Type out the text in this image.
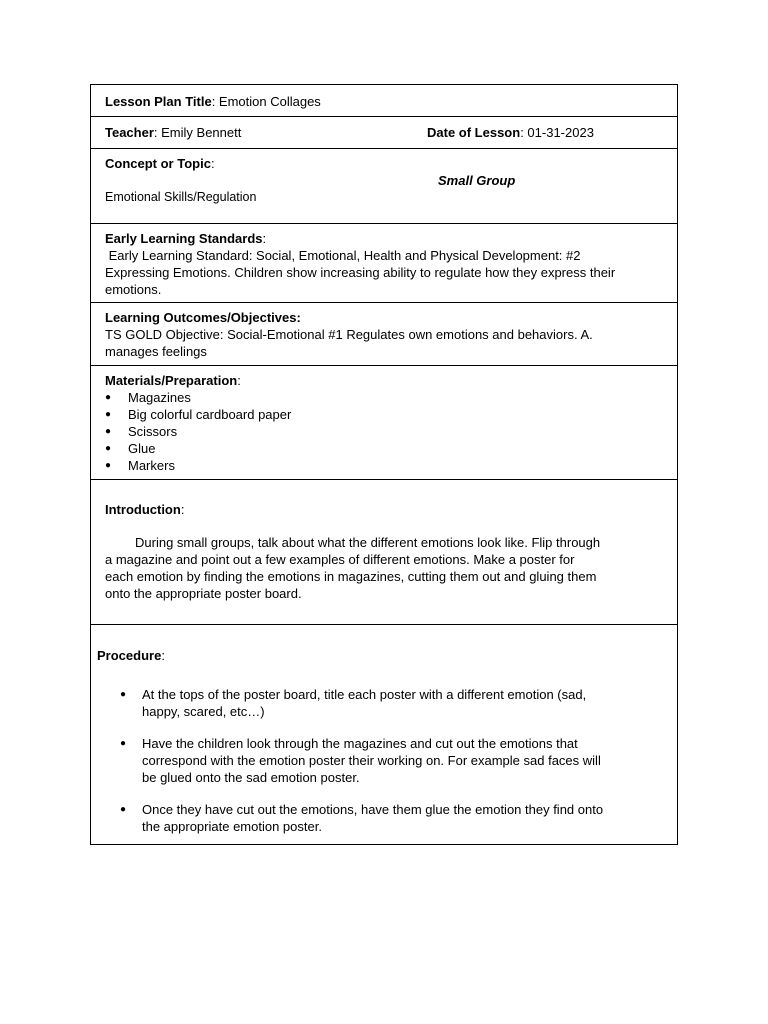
Lesson Plan Title: Emotion Collages
Teacher: Emily Bennett	Date of Lesson: 01-31-2023
Concept or Topic:
Emotional Skills/Regulation
Small Group
Early Learning Standards:
Early Learning Standard: Social, Emotional, Health and Physical Development: #2
Expressing Emotions. Children show increasing ability to regulate how they express their
emotions.
Learning Outcomes/Objectives:
TS GOLD Objective: Social-Emotional #1 Regulates own emotions and behaviors. A.
manages feelings
Materials/Preparation:
● Magazines
● Big colorful cardboard paper
● Scissors
● Glue
● Markers
Introduction:
During small groups, talk about what the different emotions look like. Flip through
a magazine and point out a few examples of different emotions. Make a poster for
each emotion by finding the emotions in magazines, cutting them out and gluing them
onto the appropriate poster board.
Procedure:
● At the tops of the poster board, title each poster with a different emotion (sad,
happy, scared, etc…)
● Have the children look through the magazines and cut out the emotions that
correspond with the emotion poster their working on. For example sad faces will
be glued onto the sad emotion poster.
● Once they have cut out the emotions, have them glue the emotion they find onto
the appropriate emotion poster.
